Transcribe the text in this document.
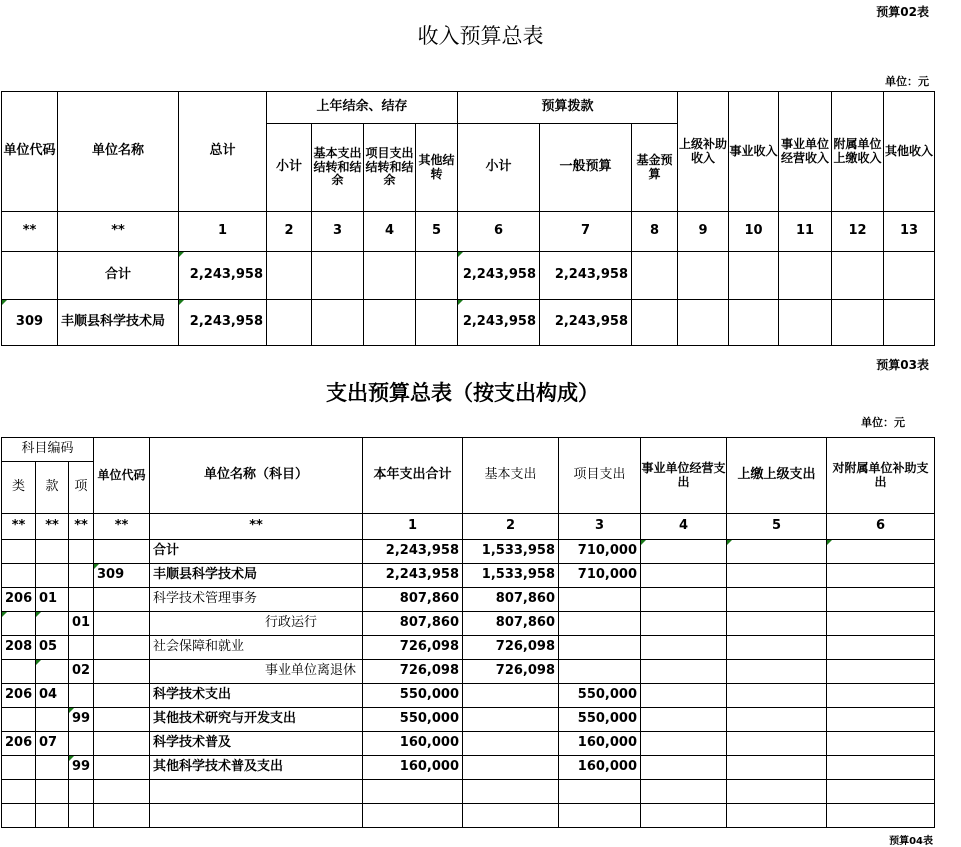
预算02表
收入预算总表
单位：元
单位代码	单位名称	总计	上年结余、结存				预算拨款			上级补助收入	事业收入	事业单位经营收入	附属单位上缴收入	其他收入
			小计	基本支出结转和结余	项目支出结转和结余	其他结转	小计	一般预算	基金预算					
**	**	1	2	3	4	5	6	7	8	9	10	11	12	13
	合计	2,243,958					2,243,958	2,243,958						
309	丰顺县科学技术局	2,243,958					2,243,958	2,243,958						
预算03表
支出预算总表（按支出构成）
单位：元
科目编码			单位代码	单位名称（科目）	本年支出合计	基本支出	项目支出	事业单位经营支出	上缴上级支出	对附属单位补助支出
类	款	项								
**	**	**	**	**	1	2	3	4	5	6
				合计	2,243,958	1,533,958	710,000			
			309	丰顺县科学技术局	2,243,958	1,533,958	710,000			
206	01			科学技术管理事务	807,860	807,860				
		01		行政运行	807,860	807,860				
208	05			社会保障和就业	726,098	726,098				
		02		事业单位离退休	726,098	726,098				
206	04			科学技术支出	550,000		550,000			
		99		其他技术研究与开发支出	550,000		550,000			
206	07			科学技术普及	160,000		160,000			
		99		其他科学技术普及支出	160,000		160,000			

预算04表
